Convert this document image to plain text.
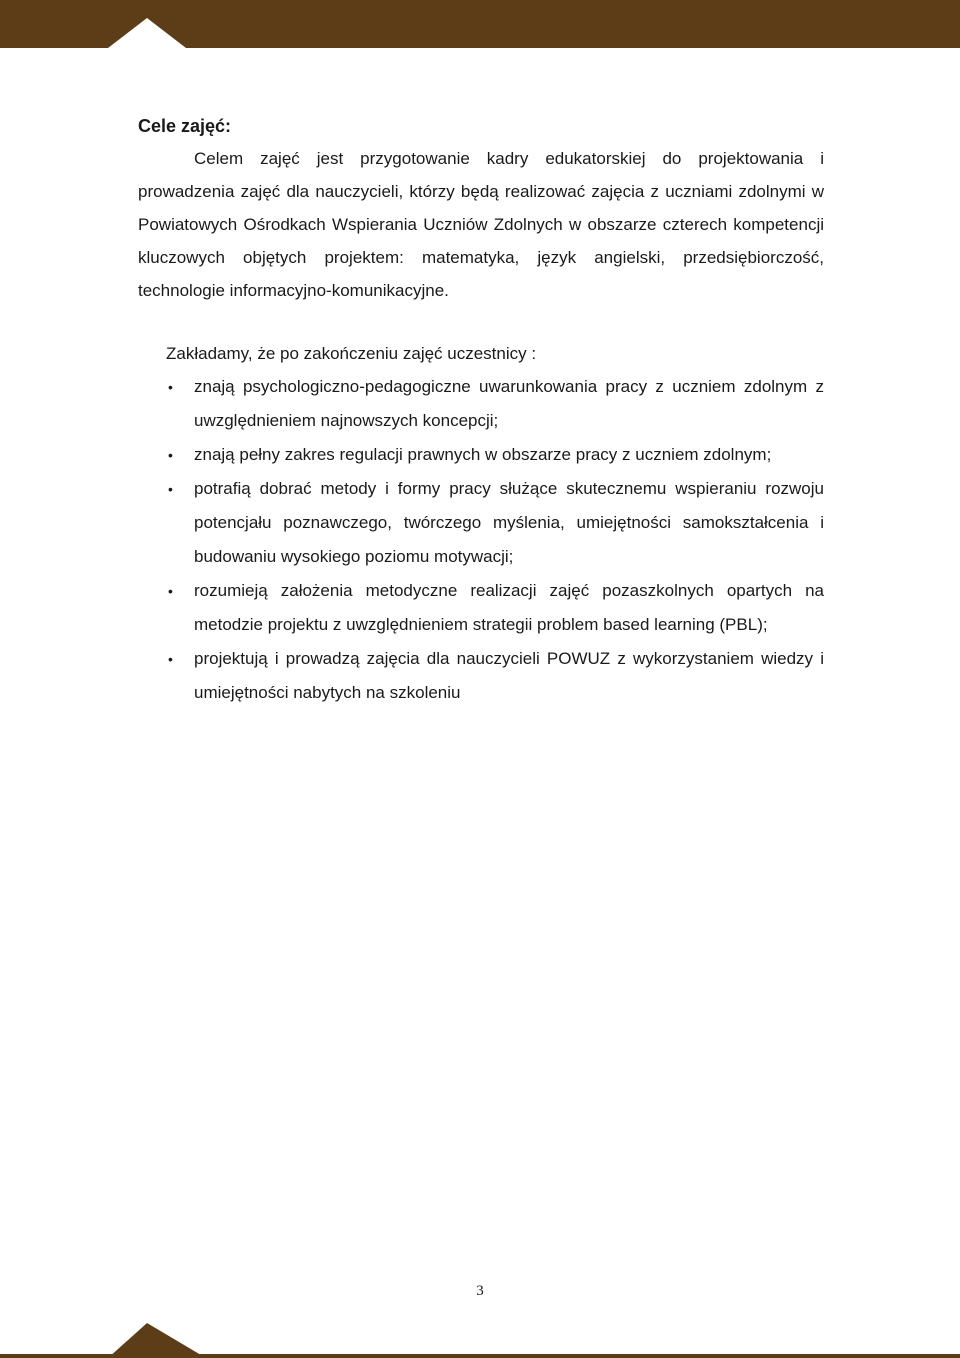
Cele zajęć:

Celem zajęć jest przygotowanie kadry edukatorskiej do projektowania i prowadzenia zajęć dla nauczycieli, którzy będą realizować zajęcia z uczniami zdolnymi w Powiatowych Ośrodkach Wspierania Uczniów Zdolnych w obszarze czterech kompetencji kluczowych objętych projektem: matematyka, język angielski, przedsiębiorczość, technologie informacyjno-komunikacyjne.

Zakładamy, że po zakończeniu zajęć uczestnicy :

• znają psychologiczno-pedagogiczne uwarunkowania pracy z uczniem zdolnym z uwzględnieniem najnowszych koncepcji;
• znają pełny zakres regulacji prawnych w obszarze pracy z uczniem zdolnym;
• potrafią dobrać metody i formy pracy służące skutecznemu wspieraniu rozwoju potencjału poznawczego, twórczego myślenia, umiejętności samokształcenia i budowaniu wysokiego poziomu motywacji;
• rozumieją założenia metodyczne realizacji zajęć pozaszkolnych opartych na metodzie projektu z uwzględnieniem strategii problem based learning (PBL);
• projektują i prowadzą zajęcia dla nauczycieli POWUZ z wykorzystaniem wiedzy i umiejętności nabytych na szkoleniu
3
